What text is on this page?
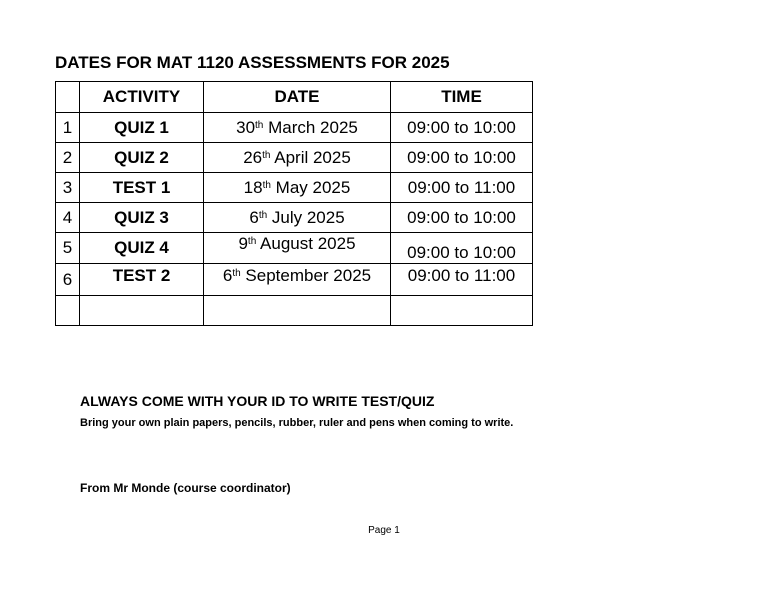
DATES FOR MAT 1120 ASSESSMENTS FOR 2025
	ACTIVITY	DATE	TIME
1	QUIZ 1	30th March 2025	09:00 to 10:00
2	QUIZ 2	26th April 2025	09:00 to 10:00
3	TEST 1	18th May 2025	09:00 to 11:00
4	QUIZ 3	6th July 2025	09:00 to 10:00
5	QUIZ 4	9th August 2025	09:00 to 10:00
6	TEST 2	6th September 2025	09:00 to 11:00

ALWAYS COME WITH YOUR ID TO WRITE TEST/QUIZ
Bring your own plain papers, pencils, rubber, ruler and pens when coming to write.
From Mr Monde (course coordinator)
Page 1
